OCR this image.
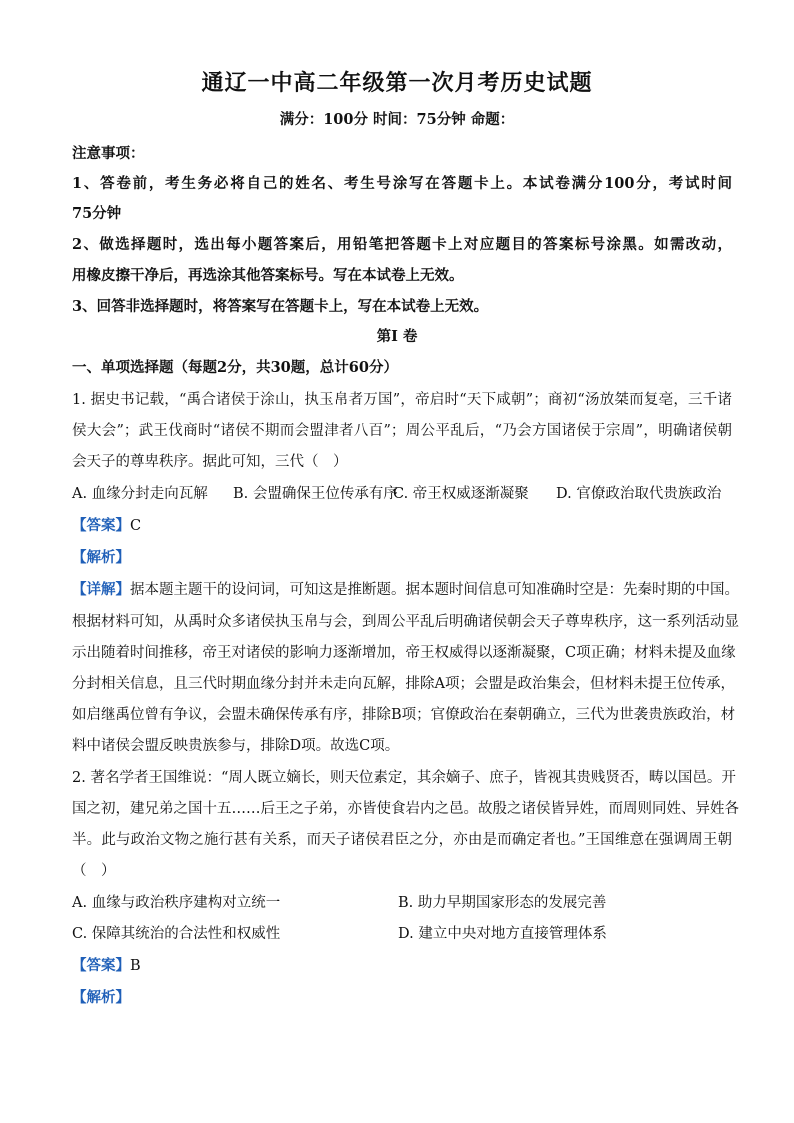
通辽一中高二年级第一次月考历史试题
满分：100分 时间：75分钟 命题：
注意事项：
1、答卷前，考生务必将自己的姓名、考生号涂写在答题卡上。本试卷满分100分，考试时间
75分钟
2、做选择题时，选出每小题答案后，用铅笔把答题卡上对应题目的答案标号涂黑。如需改动，
用橡皮擦干净后，再选涂其他答案标号。写在本试卷上无效。
3、回答非选择题时，将答案写在答题卡上，写在本试卷上无效。
第I 卷
一、单项选择题（每题2分，共30题，总计60分）
1. 据史书记载，“禹合诸侯于涂山，执玉帛者万国”，帝启时“天下咸朝”；商初“汤放桀而复亳，三千诸
侯大会”；武王伐商时“诸侯不期而会盟津者八百”；周公平乱后，“乃会方国诸侯于宗周”，明确诸侯朝
会天子的尊卑秩序。据此可知，三代（　）
A. 血缘分封走向瓦解 B. 会盟确保王位传承有序
C. 帝王权威逐渐凝聚 D. 官僚政治取代贵族政治
【答案】C
【解析】
【详解】据本题主题干的设问词，可知这是推断题。据本题时间信息可知准确时空是：先秦时期的中国。
根据材料可知，从禹时众多诸侯执玉帛与会，到周公平乱后明确诸侯朝会天子尊卑秩序，这一系列活动显
示出随着时间推移，帝王对诸侯的影响力逐渐增加，帝王权威得以逐渐凝聚，C项正确；材料未提及血缘
分封相关信息，且三代时期血缘分封并未走向瓦解，排除A项；会盟是政治集会，但材料未提王位传承，
如启继禹位曾有争议，会盟未确保传承有序，排除B项；官僚政治在秦朝确立，三代为世袭贵族政治，材
料中诸侯会盟反映贵族参与，排除D项。故选C项。
2. 著名学者王国维说：“周人既立嫡长，则天位素定，其余嫡子、庶子，皆视其贵贱贤否，畴以国邑。开
国之初，建兄弟之国十五……后王之子弟，亦皆使食岩内之邑。故殷之诸侯皆异姓，而周则同姓、异姓各
半。此与政治文物之施行甚有关系，而天子诸侯君臣之分，亦由是而确定者也。”王国维意在强调周王朝
（　）
A. 血缘与政治秩序建构对立统一	B. 助力早期国家形态的发展完善
C. 保障其统治的合法性和权威性	D. 建立中央对地方直接管理体系
【答案】B
【解析】
